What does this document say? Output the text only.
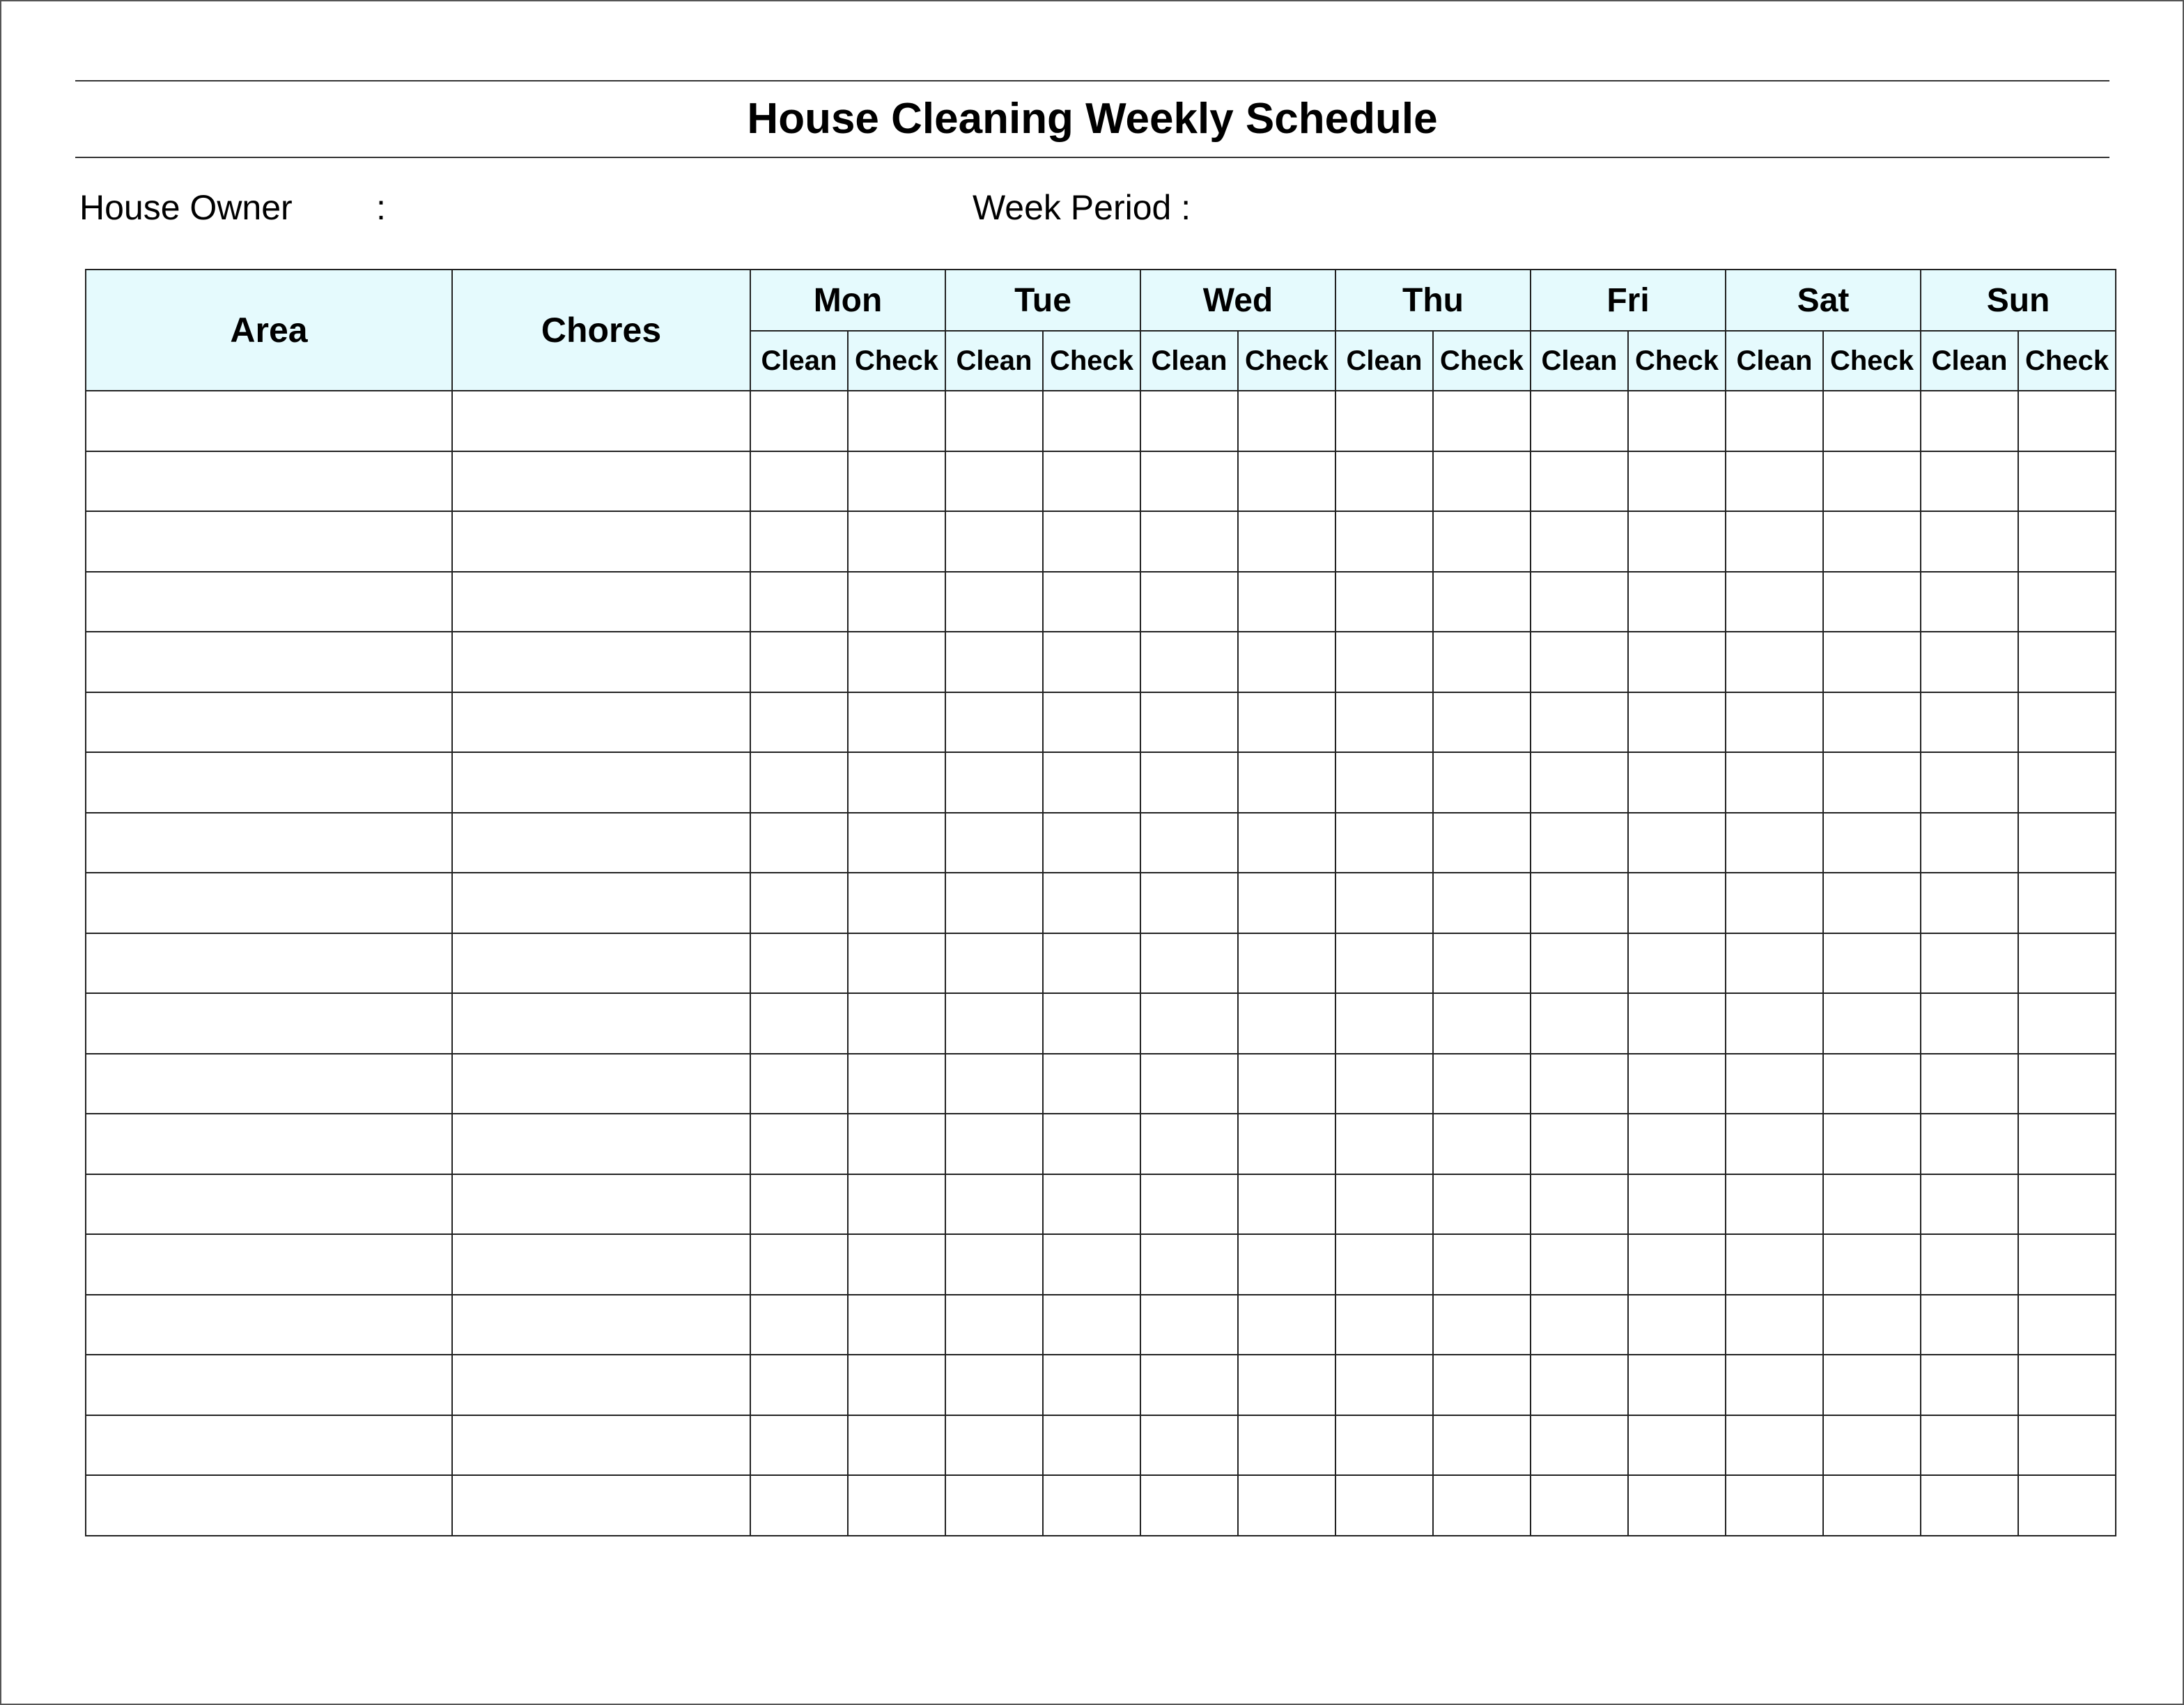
House Cleaning Weekly Schedule
House Owner :	Week Period :
Area	Chores	Mon		Tue		Wed		Thu		Fri		Sat		Sun	
		Clean	Check	Clean	Check	Clean	Check	Clean	Check	Clean	Check	Clean	Check	Clean	Check
